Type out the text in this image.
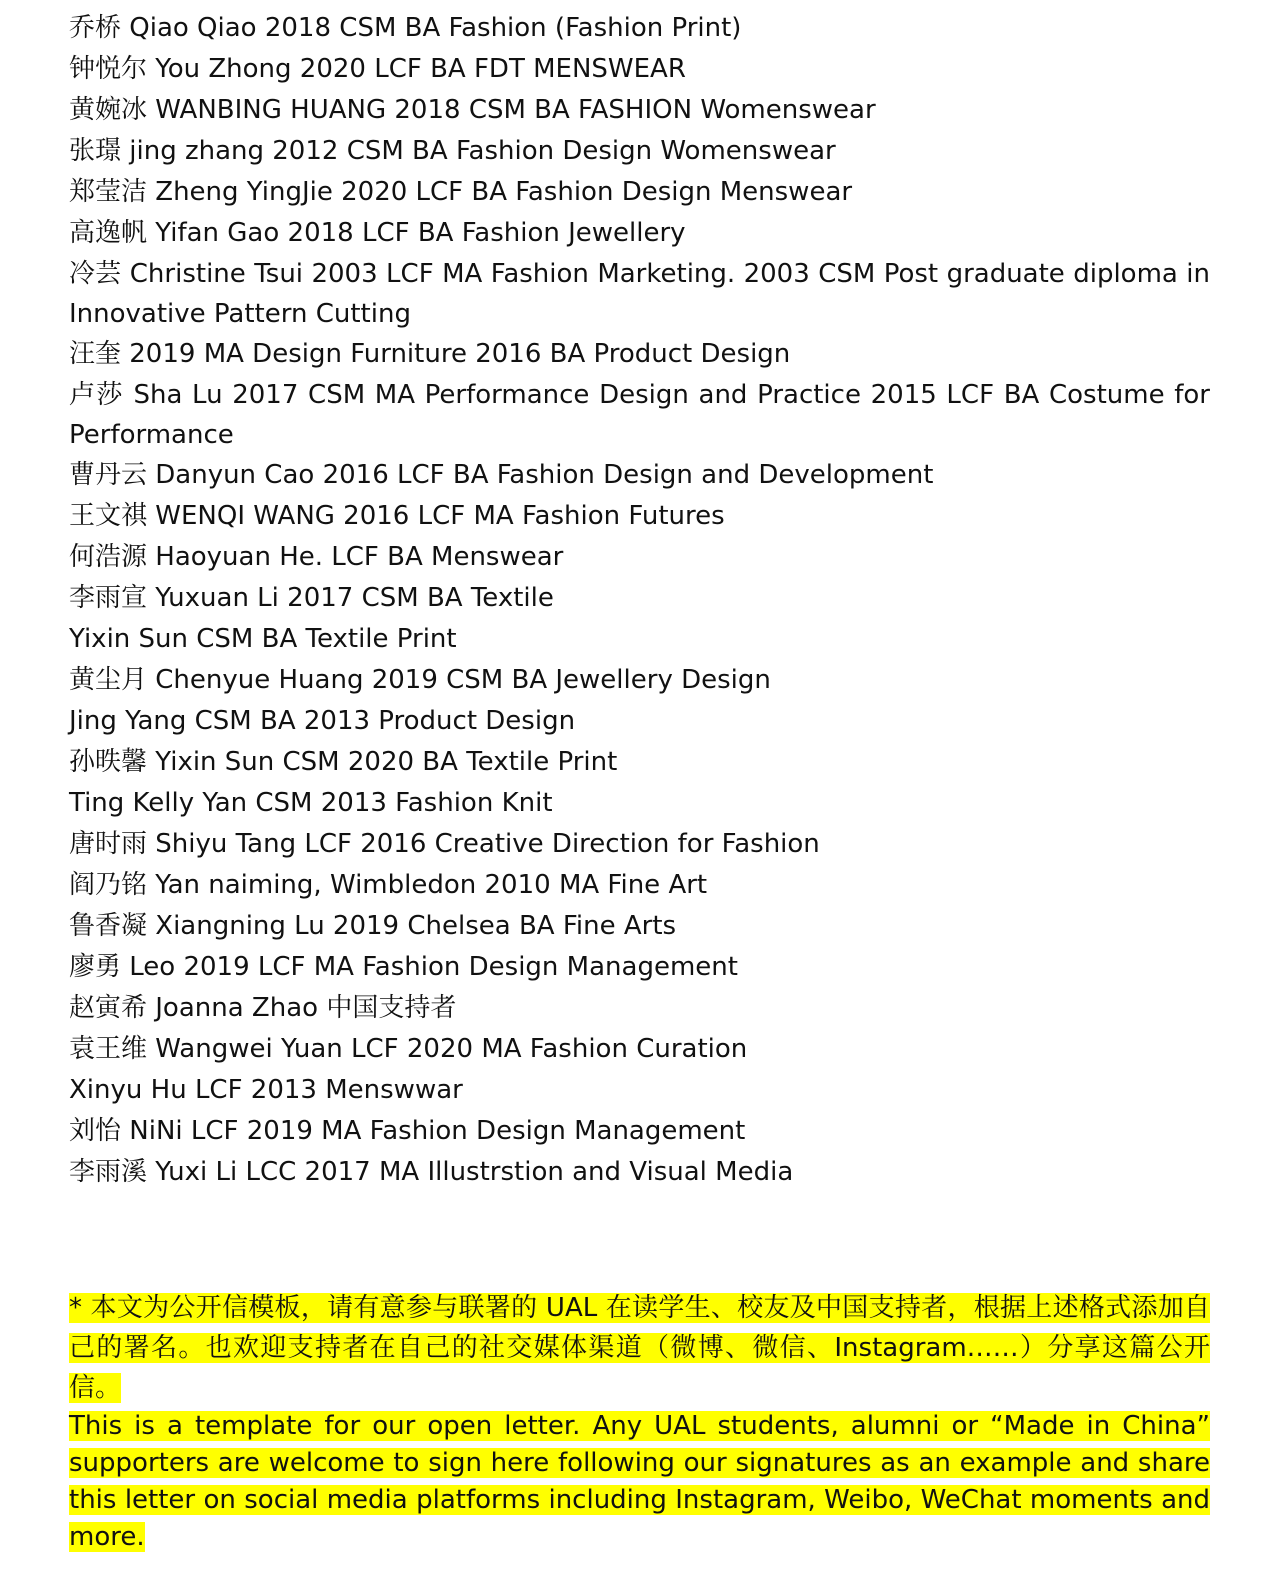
乔桥 Qiao Qiao 2018 CSM BA Fashion (Fashion Print)
钟悦尔 You Zhong 2020 LCF BA FDT MENSWEAR
黄婉冰 WANBING HUANG 2018 CSM BA FASHION Womenswear
张璟 jing zhang 2012 CSM BA Fashion Design Womenswear
郑莹洁 Zheng YingJie 2020 LCF BA Fashion Design Menswear
高逸帆 Yifan Gao 2018 LCF BA Fashion Jewellery
冷芸 Christine Tsui 2003 LCF MA Fashion Marketing. 2003 CSM Post graduate diploma in Innovative Pattern Cutting
汪奎 2019 MA Design Furniture 2016 BA Product Design
卢莎 Sha Lu 2017 CSM MA Performance Design and Practice 2015 LCF BA Costume for Performance
曹丹云 Danyun Cao 2016 LCF BA Fashion Design and Development
王文祺 WENQI WANG 2016 LCF MA Fashion Futures
何浩源 Haoyuan He. LCF BA Menswear
李雨宣 Yuxuan Li 2017 CSM BA Textile
Yixin Sun CSM BA Textile Print
黄尘月 Chenyue Huang 2019 CSM BA Jewellery Design
Jing Yang CSM BA 2013 Product Design
孙昳馨 Yixin Sun CSM 2020 BA Textile Print
Ting Kelly Yan CSM 2013 Fashion Knit
唐时雨 Shiyu Tang LCF 2016 Creative Direction for Fashion
阎乃铭 Yan naiming, Wimbledon 2010 MA Fine Art
鲁香凝 Xiangning Lu 2019 Chelsea BA Fine Arts
廖勇 Leo 2019 LCF MA Fashion Design Management
赵寅希 Joanna Zhao 中国支持者
袁王维 Wangwei Yuan LCF 2020 MA Fashion Curation
Xinyu Hu LCF 2013 Menswwar
刘怡 NiNi LCF 2019 MA Fashion Design Management
李雨溪 Yuxi Li LCC 2017 MA Illustrstion and Visual Media

* 本文为公开信模板，请有意参与联署的 UAL 在读学生、校友及中国支持者，根据上述格式添加自己的署名。也欢迎支持者在自己的社交媒体渠道（微博、微信、Instagram……）分享这篇公开信。

This is a template for our open letter. Any UAL students, alumni or “Made in China” supporters are welcome to sign here following our signatures as an example and share this letter on social media platforms including Instagram, Weibo, WeChat moments and more.
